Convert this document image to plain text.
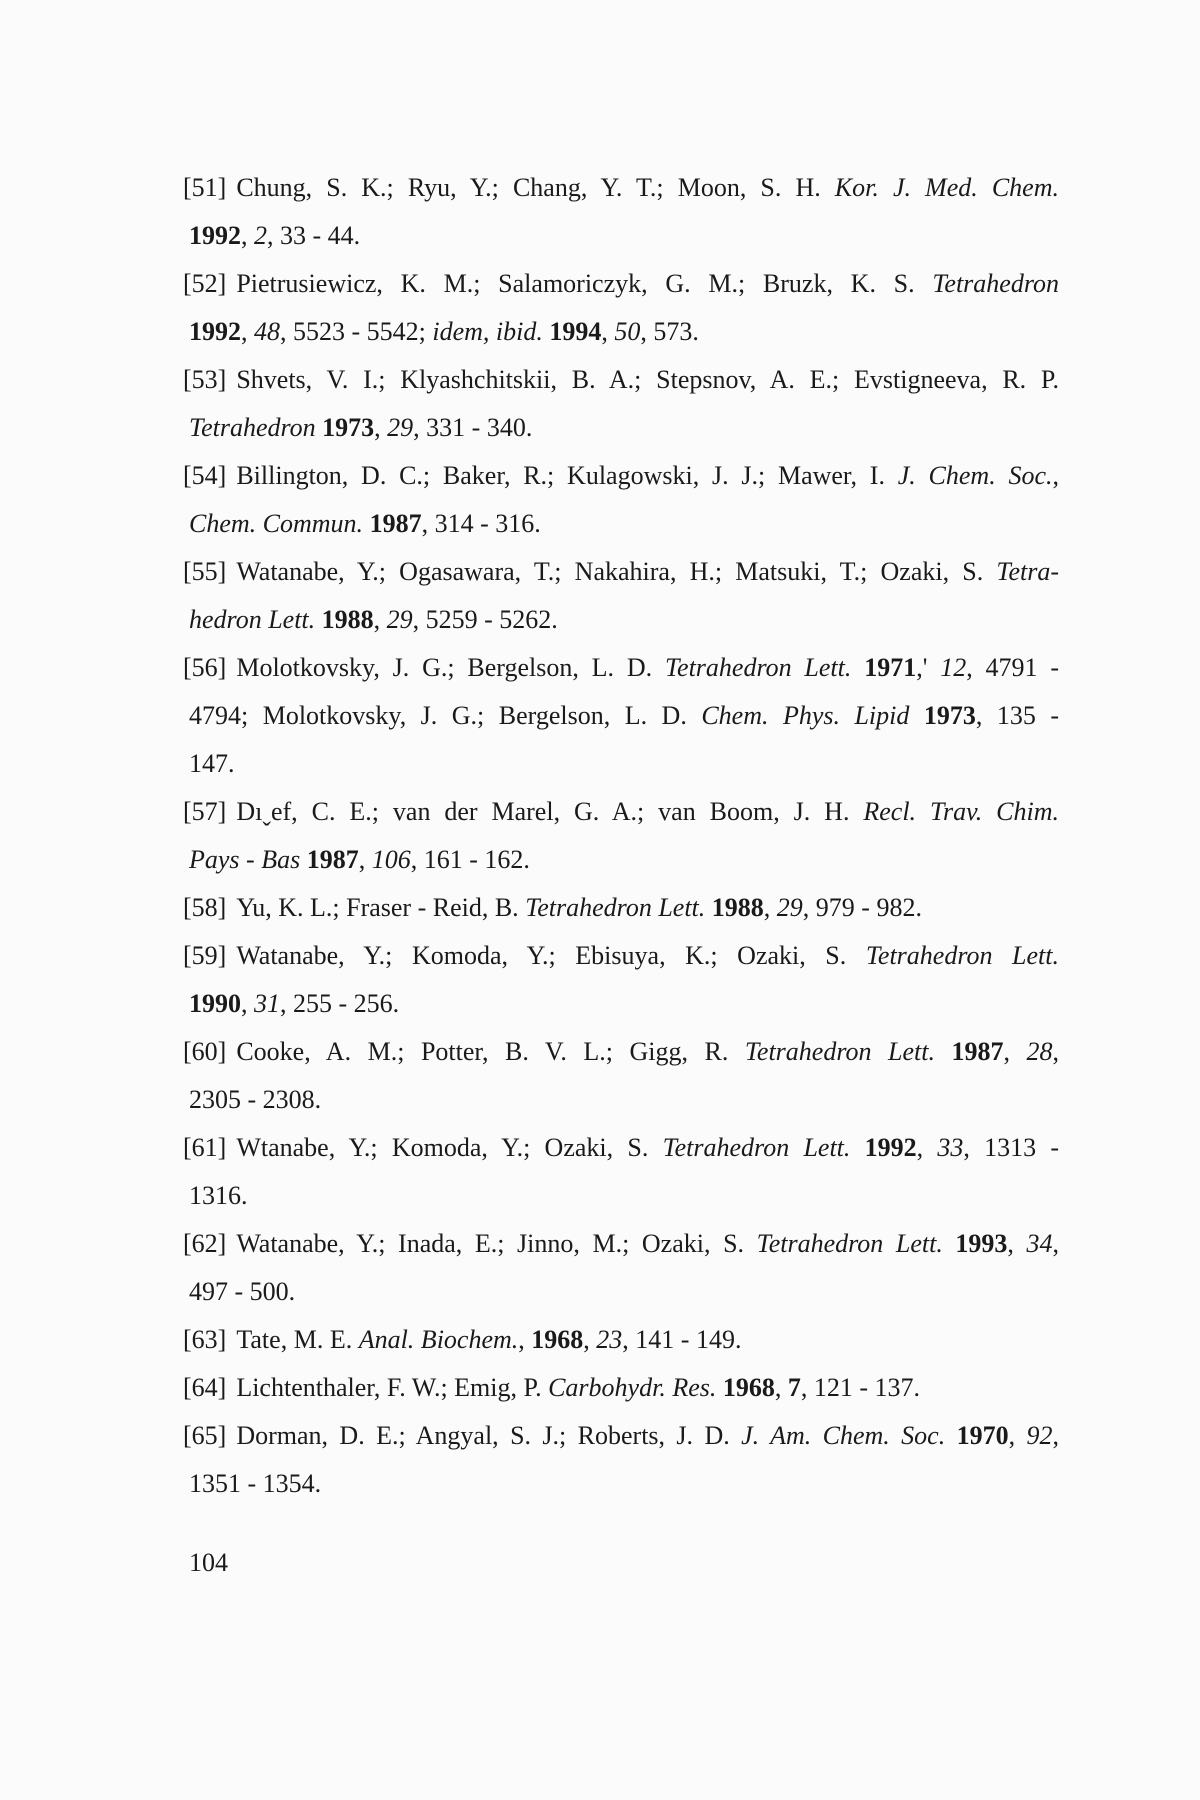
[51] Chung, S. K.; Ryu, Y.; Chang, Y. T.; Moon, S. H. Kor. J. Med. Chem.
1992, 2, 33 - 44.
[52] Pietrusiewicz, K. M.; Salamoriczyk, G. M.; Bruzk, K. S. Tetrahedron
1992, 48, 5523 - 5542; idem, ibid. 1994, 50, 573.
[53] Shvets, V. I.; Klyashchitskii, B. A.; Stepsnov, A. E.; Evstigneeva, R. P.
Tetrahedron 1973, 29, 331 - 340.
[54] Billington, D. C.; Baker, R.; Kulagowski, J. J.; Mawer, I. J. Chem. Soc.,
Chem. Commun. 1987, 314 - 316.
[55] Watanabe, Y.; Ogasawara, T.; Nakahira, H.; Matsuki, T.; Ozaki, S. Tetra-
hedron Lett. 1988, 29, 5259 - 5262.
[56] Molotkovsky, J. G.; Bergelson, L. D. Tetrahedron Lett. 1971,' 12, 4791 -
4794; Molotkovsky, J. G.; Bergelson, L. D. Chem. Phys. Lipid 1973, 135 -
147.
[57] Dıˬef, C. E.; van der Marel, G. A.; van Boom, J. H. Recl. Trav. Chim.
Pays - Bas 1987, 106, 161 - 162.
[58] Yu, K. L.; Fraser - Reid, B. Tetrahedron Lett. 1988, 29, 979 - 982.
[59] Watanabe, Y.; Komoda, Y.; Ebisuya, K.; Ozaki, S. Tetrahedron Lett.
1990, 31, 255 - 256.
[60] Cooke, A. M.; Potter, B. V. L.; Gigg, R. Tetrahedron Lett. 1987, 28,
2305 - 2308.
[61] Wtanabe, Y.; Komoda, Y.; Ozaki, S. Tetrahedron Lett. 1992, 33, 1313 -
1316.
[62] Watanabe, Y.; Inada, E.; Jinno, M.; Ozaki, S. Tetrahedron Lett. 1993, 34,
497 - 500.
[63] Tate, M. E. Anal. Biochem., 1968, 23, 141 - 149.
[64] Lichtenthaler, F. W.; Emig, P. Carbohydr. Res. 1968, 7, 121 - 137.
[65] Dorman, D. E.; Angyal, S. J.; Roberts, J. D. J. Am. Chem. Soc. 1970, 92,
1351 - 1354.
104
